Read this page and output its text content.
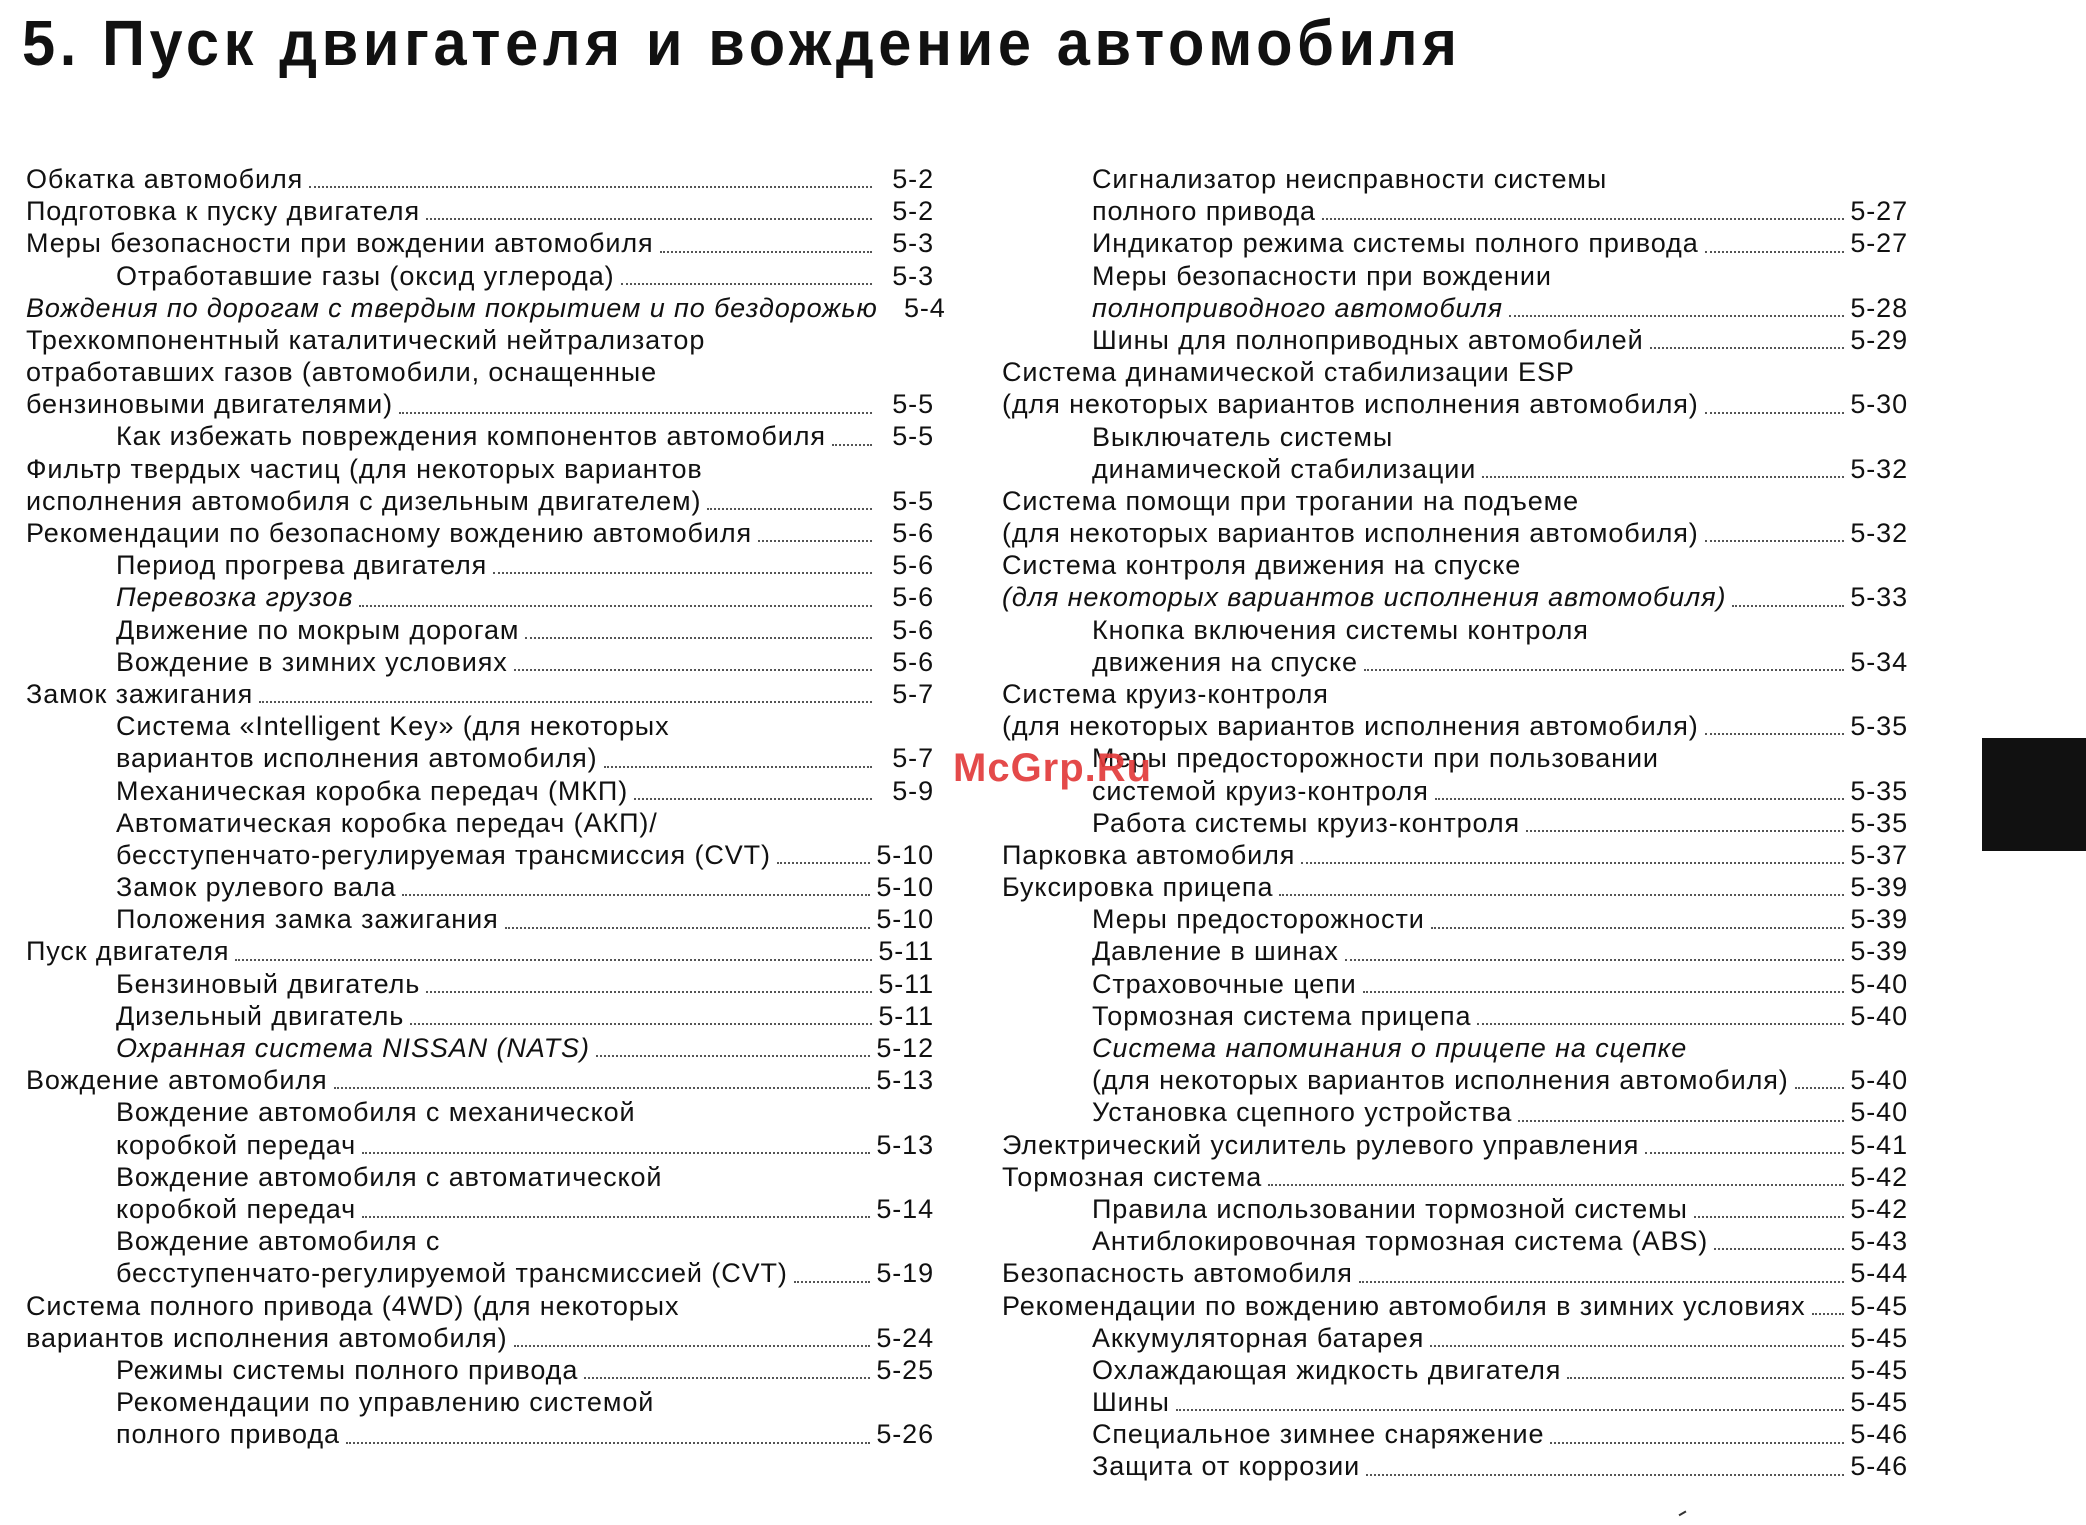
5. Пуск двигателя и вождение автомобиля
Обкатка автомобиля	5-2
Подготовка к пуску двигателя	5-2
Меры безопасности при вождении автомобиля	5-3
Отработавшие газы (оксид углерода)	5-3
Вождения по дорогам с твердым покрытием и по бездорожью 5-4
Трехкомпонентный каталитический нейтрализатор
отработавших газов (автомобили, оснащенные
бензиновыми двигателями)	5-5
Как избежать повреждения компонентов автомобиля	5-5
Фильтр твердых частиц (для некоторых вариантов
исполнения автомобиля с дизельным двигателем)	5-5
Рекомендации по безопасному вождению автомобиля	5-6
Период прогрева двигателя	5-6
Перевозка грузов	5-6
Движение по мокрым дорогам	5-6
Вождение в зимних условиях	5-6
Замок зажигания	5-7
Система «Intelligent Key» (для некоторых
вариантов исполнения автомобиля)	5-7
Механическая коробка передач (МКП)	5-9
Автоматическая коробка передач (АКП)/
бесступенчато-регулируемая трансмиссия (CVT)	5-10
Замок рулевого вала	5-10
Положения замка зажигания	5-10
Пуск двигателя	5-11
Бензиновый двигатель	5-11
Дизельный двигатель	5-11
Охранная система NISSAN (NATS)	5-12
Вождение автомобиля	5-13
Вождение автомобиля с механической
коробкой передач	5-13
Вождение автомобиля с автоматической
коробкой передач	5-14
Вождение автомобиля с
бесступенчато-регулируемой трансмиссией (CVT)	5-19
Система полного привода (4WD) (для некоторых
вариантов исполнения автомобиля)	5-24
Режимы системы полного привода	5-25
Рекомендации по управлению системой
полного привода	5-26
Сигнализатор неисправности системы
полного привода	5-27
Индикатор режима системы полного привода	5-27
Меры безопасности при вождении
полноприводного автомобиля	5-28
Шины для полноприводных автомобилей	5-29
Система динамической стабилизации ESP
(для некоторых вариантов исполнения автомобиля)	5-30
Выключатель системы
динамической стабилизации	5-32
Система помощи при трогании на подъеме
(для некоторых вариантов исполнения автомобиля)	5-32
Система контроля движения на спуске
(для некоторых вариантов исполнения автомобиля)	5-33
Кнопка включения системы контроля
движения на спуске	5-34
Система круиз-контроля
(для некоторых вариантов исполнения автомобиля)	5-35
Меры предосторожности при пользовании
системой круиз-контроля	5-35
Работа системы круиз-контроля	5-35
Парковка автомобиля	5-37
Буксировка прицепа	5-39
Меры предосторожности	5-39
Давление в шинах	5-39
Страховочные цепи	5-40
Тормозная система прицепа	5-40
Система напоминания о прицепе на сцепке
(для некоторых вариантов исполнения автомобиля) 5-40
Установка сцепного устройства	5-40
Электрический усилитель рулевого управления	5-41
Тормозная система	5-42
Правила использовании тормозной системы	5-42
Антиблокировочная тормозная система (ABS)	5-43
Безопасность автомобиля	5-44
Рекомендации по вождению автомобиля в зимних условиях 5-45
Аккумуляторная батарея	5-45
Охлаждающая жидкость двигателя	5-45
Шины	5-45
Специальное зимнее снаряжение	5-46
Защита от коррозии	5-46
McGrp.Ru
